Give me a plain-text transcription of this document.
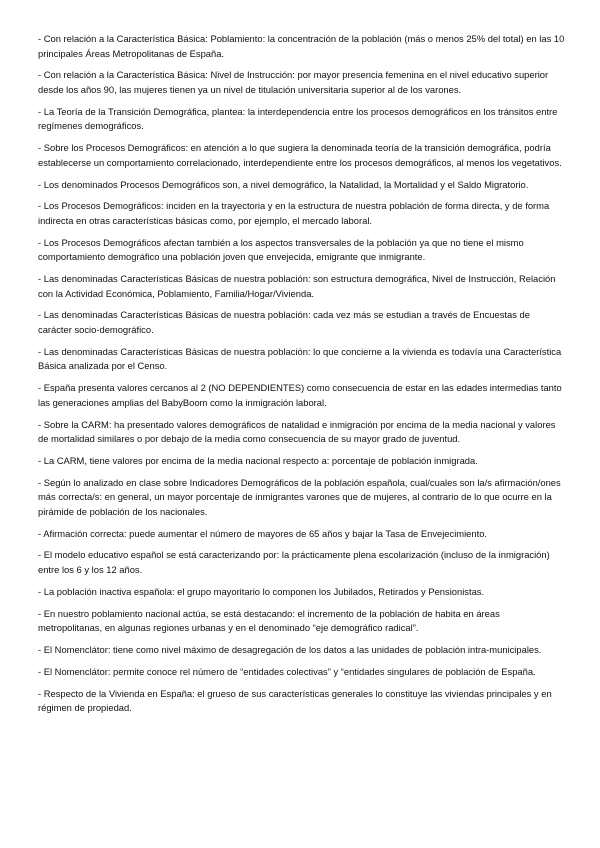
- Con relación a la Característica Básica: Poblamiento: la concentración de la población (más o menos 25% del total) en las 10 principales Áreas Metropolitanas de España.

- Con relación a la Característica Básica: Nivel de Instrucción: por mayor presencia femenina en el nivel educativo superior desde los años 90, las mujeres tienen ya un nivel de titulación universitaria superior al de los varones.

- La Teoría de la Transición Demográfica, plantea: la interdependencia entre los procesos demográficos en los tránsitos entre regímenes demográficos.

- Sobre los Procesos Demográficos: en atención a lo que sugiera la denominada teoría de la transición demográfica, podría establecerse un comportamiento correlacionado, interdependiente entre los procesos demográficos, al menos los vegetativos.

- Los denominados Procesos Demográficos son, a nivel demográfico, la Natalidad, la Mortalidad y el Saldo Migratorio.

- Los Procesos Demográficos: inciden en la trayectoria y en la estructura de nuestra población de forma directa, y de forma indirecta en otras características básicas como, por ejemplo, el mercado laboral.

- Los Procesos Demográficos afectan también a los aspectos transversales de la población ya que no tiene el mismo comportamiento demográfico una población joven que envejecida, emigrante que inmigrante.

- Las denominadas Características Básicas de nuestra población: son estructura demográfica, Nivel de Instrucción, Relación con la Actividad Económica, Poblamiento, Familia/Hogar/Vivienda.

- Las denominadas Características Básicas de nuestra población: cada vez más se estudian a través de Encuestas de carácter socio-demográfico.

- Las denominadas Características Básicas de nuestra población: lo que concierne a la vivienda es todavía una Característica Básica analizada por el Censo.

- España presenta valores cercanos al 2 (NO DEPENDIENTES) como consecuencia de estar en las edades intermedias tanto las generaciones amplias del BabyBoom como la inmigración laboral.

- Sobre la CARM: ha presentado valores demográficos de natalidad e inmigración por encima de la media nacional y valores de mortalidad similares o por debajo de la media como consecuencia de su mayor grado de juventud.

- La CARM, tiene valores por encima de la media nacional respecto a: porcentaje de población inmigrada.

- Según lo analizado en clase sobre Indicadores Demográficos de la población española, cual/cuales son la/s afirmación/ones más correcta/s: en general, un mayor porcentaje de inmigrantes varones que de mujeres, al contrario de lo que ocurre en la pirámide de población de los nacionales.

- Afirmación correcta: puede aumentar el número de mayores de 65 años y bajar la Tasa de Envejecimiento.

- El modelo educativo español se está caracterizando por: la prácticamente plena escolarización (incluso de la inmigración) entre los 6 y los 12 años.

- La población inactiva española: el grupo mayoritario lo componen los Jubilados, Retirados y Pensionistas.

- En nuestro poblamiento nacional actúa, se está destacando: el incremento de la población de habita en áreas metropolitanas, en algunas regiones urbanas y en el denominado “eje demográfico radical”.

- El Nomenclátor: tiene como nivel máximo de desagregación de los datos a las unidades de población intra-municipales.

- El Nomenclátor: permite conoce rel número de “entidades colectivas” y “entidades singulares de población de España.

- Respecto de la Vivienda en España: el grueso de sus características generales lo constituye las viviendas principales y en régimen de propiedad.
